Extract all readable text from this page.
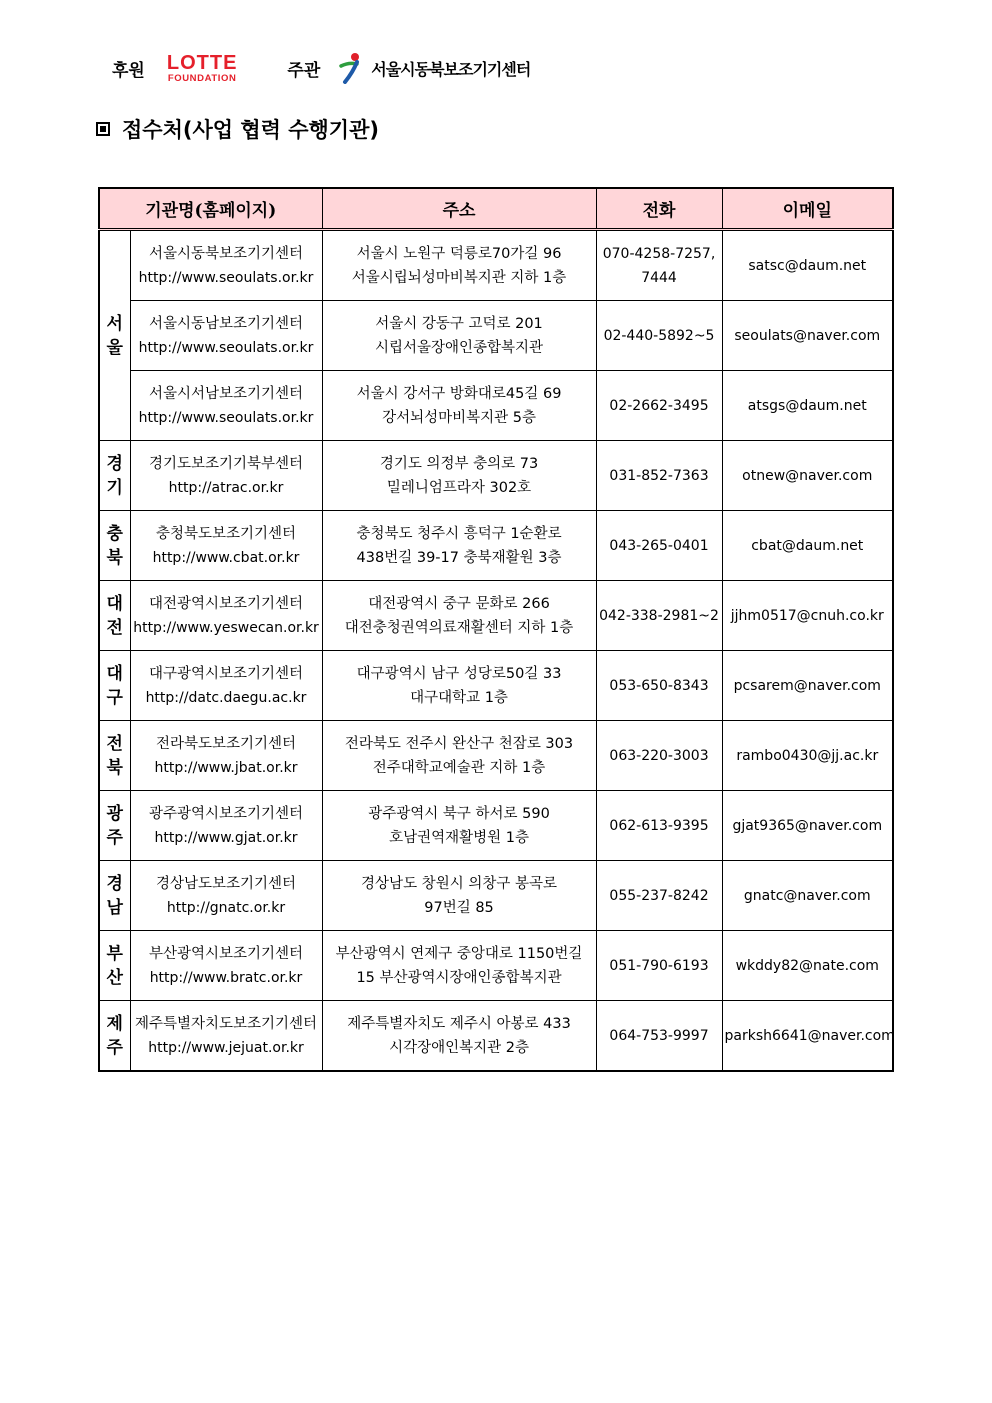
후원 LOTTE
FOUNDATION	주관	서울시동북보조기기센터
접수처(사업 협력 수행기관)
기관명(홈페이지)		주소	전화	이메일
서울	서울시동북보조기기센터
http://www.seoulats.or.kr	서울시 노원구 덕릉로70가길 96
서울시립뇌성마비복지관 지하 1층	070-4258-7257,
7444	satsc@daum.net

	서울시동남보조기기센터
http://www.seoulats.or.kr	서울시 강동구 고덕로 201
시립서울장애인종합복지관	02-440-5892~5	seoulats@naver.com

	서울시서남보조기기센터
http://www.seoulats.or.kr	서울시 강서구 방화대로45길 69
강서뇌성마비복지관 5층	02-2662-3495	atsgs@daum.net

경기	경기도보조기기북부센터
http://atrac.or.kr	경기도 의정부 충의로 73
밀레니엄프라자 302호	031-852-7363	otnew@naver.com

충북	충청북도보조기기센터
http://www.cbat.or.kr	충청북도 청주시 흥덕구 1순환로
438번길 39-17 충북재활원 3층	043-265-0401	cbat@daum.net

대전	대전광역시보조기기센터
http://www.yeswecan.or.kr	대전광역시 중구 문화로 266
대전충청권역의료재활센터 지하 1층	042-338-2981~2	jjhm0517@cnuh.co.kr

대구	대구광역시보조기기센터
http://datc.daegu.ac.kr	대구광역시 남구 성당로50길 33
대구대학교 1층	053-650-8343	pcsarem@naver.com

전북	전라북도보조기기센터
http://www.jbat.or.kr	전라북도 전주시 완산구 천잠로 303
전주대학교예술관 지하 1층	063-220-3003	rambo0430@jj.ac.kr

광주	광주광역시보조기기센터
http://www.gjat.or.kr	광주광역시 북구 하서로 590
호남권역재활병원 1층	062-613-9395	gjat9365@naver.com

경남	경상남도보조기기센터
http://gnatc.or.kr	경상남도 창원시 의창구 봉곡로
97번길 85	055-237-8242	gnatc@naver.com

부산	부산광역시보조기기센터
http://www.bratc.or.kr	부산광역시 연제구 중앙대로 1150번길
15 부산광역시장애인종합복지관	051-790-6193	wkddy82@nate.com

제주	제주특별자치도보조기기센터
http://www.jejuat.or.kr	제주특별자치도 제주시 아봉로 433
시각장애인복지관 2층	064-753-9997	parksh6641@naver.com
